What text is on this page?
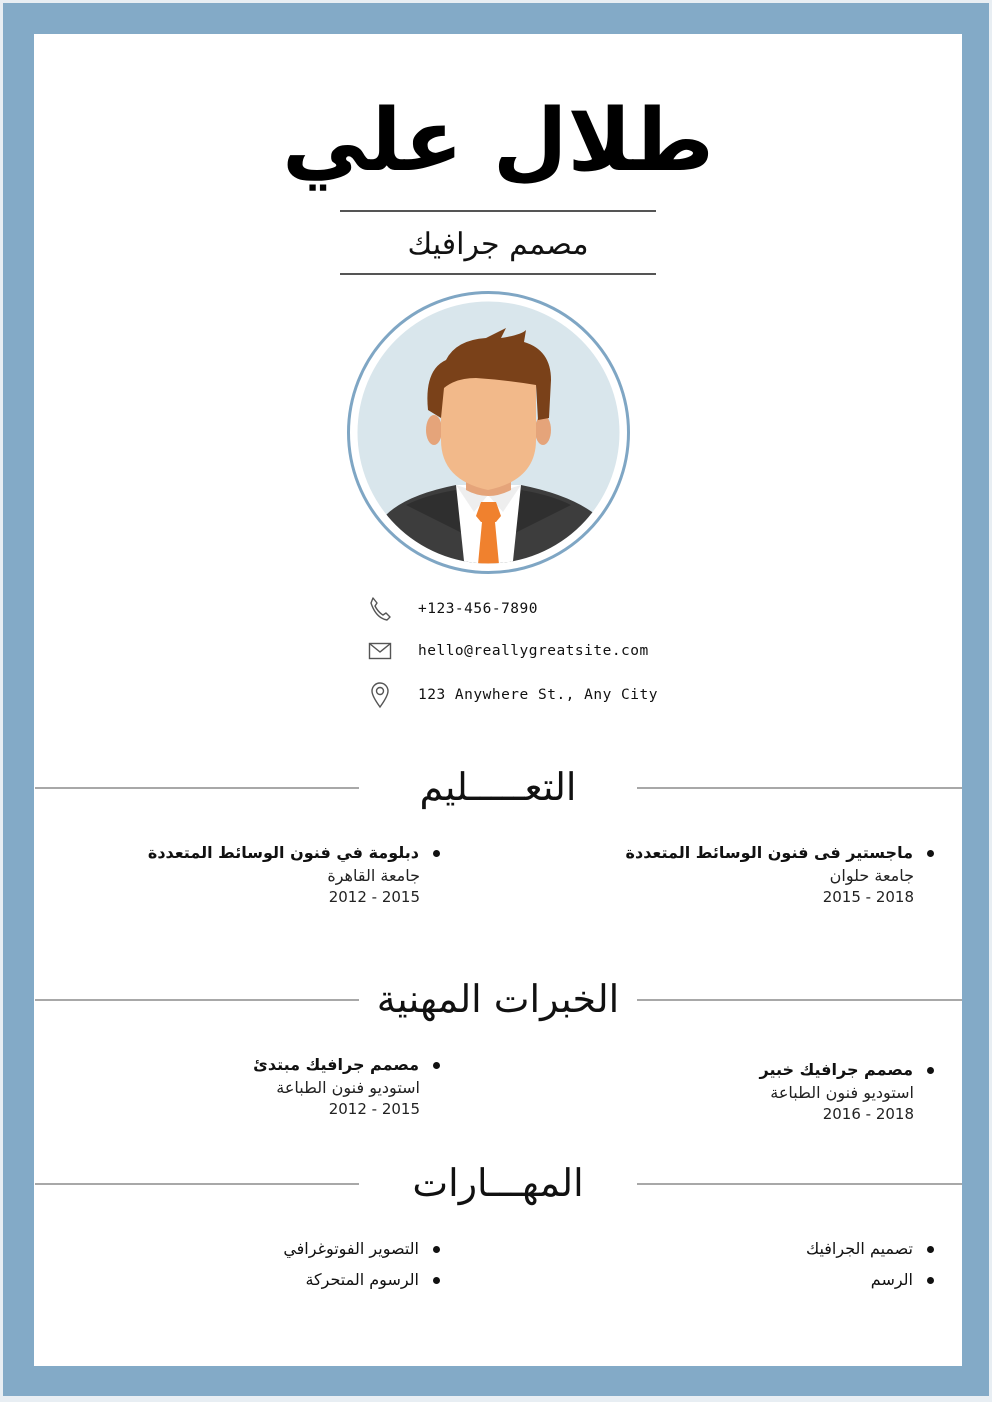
طلال علي
مصمم جرافيك
+123-456-7890
hello@reallygreatsite.com
123 Anywhere St., Any City
التعـــــليم
ماجستير فى فنون الوسائط المتعددة
جامعة حلوان
2015 - 2018
دبلومة في فنون الوسائط المتعددة
جامعة القاهرة
2012 - 2015
الخبرات المهنية
مصمم جرافيك خبير
استوديو فنون الطباعة
2016 - 2018
مصمم جرافيك مبتدئ
استوديو فنون الطباعة
2012 - 2015
المهـــارات
تصميم الجرافيك
الرسم
التصوير الفوتوغرافي
الرسوم المتحركة
